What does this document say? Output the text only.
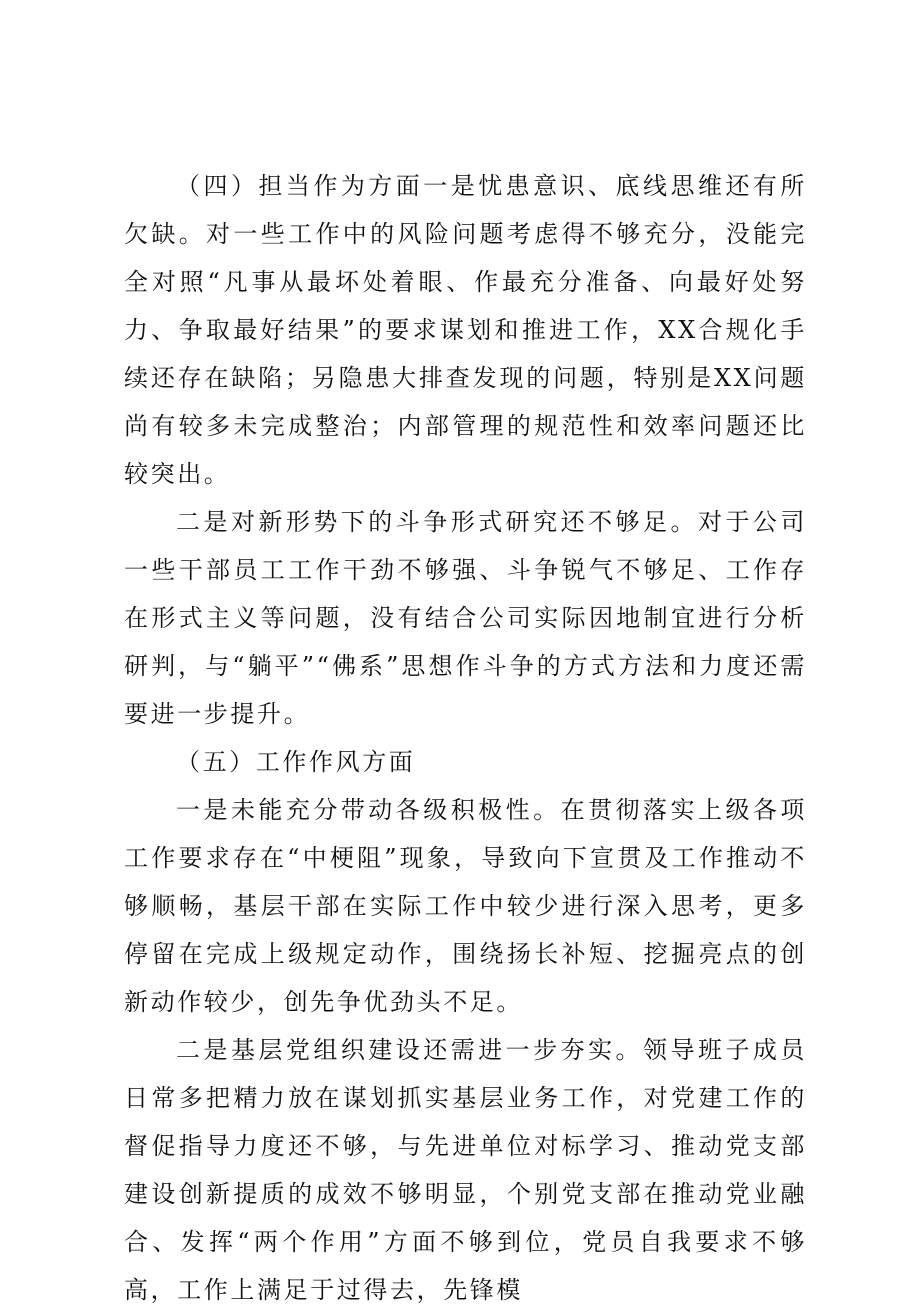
（四）担当作为方面一是忧患意识、底线思维还有所欠缺。对一些工作中的风险问题考虑得不够充分，没能完全对照“凡事从最坏处着眼、作最充分准备、向最好处努力、争取最好结果”的要求谋划和推进工作，XX合规化手续还存在缺陷；另隐患大排查发现的问题，特别是XX问题尚有较多未完成整治；内部管理的规范性和效率问题还比较突出。

二是对新形势下的斗争形式研究还不够足。对于公司一些干部员工工作干劲不够强、斗争锐气不够足、工作存在形式主义等问题，没有结合公司实际因地制宜进行分析研判，与“躺平”“佛系”思想作斗争的方式方法和力度还需要进一步提升。

（五）工作作风方面

一是未能充分带动各级积极性。在贯彻落实上级各项工作要求存在“中梗阻”现象，导致向下宣贯及工作推动不够顺畅，基层干部在实际工作中较少进行深入思考，更多停留在完成上级规定动作，围绕扬长补短、挖掘亮点的创新动作较少，创先争优劲头不足。

二是基层党组织建设还需进一步夯实。领导班子成员日常多把精力放在谋划抓实基层业务工作，对党建工作的督促指导力度还不够，与先进单位对标学习、推动党支部建设创新提质的成效不够明显，个别党支部在推动党业融合、发挥“两个作用”方面不够到位，党员自我要求不够高，工作上满足于过得去，先锋模
